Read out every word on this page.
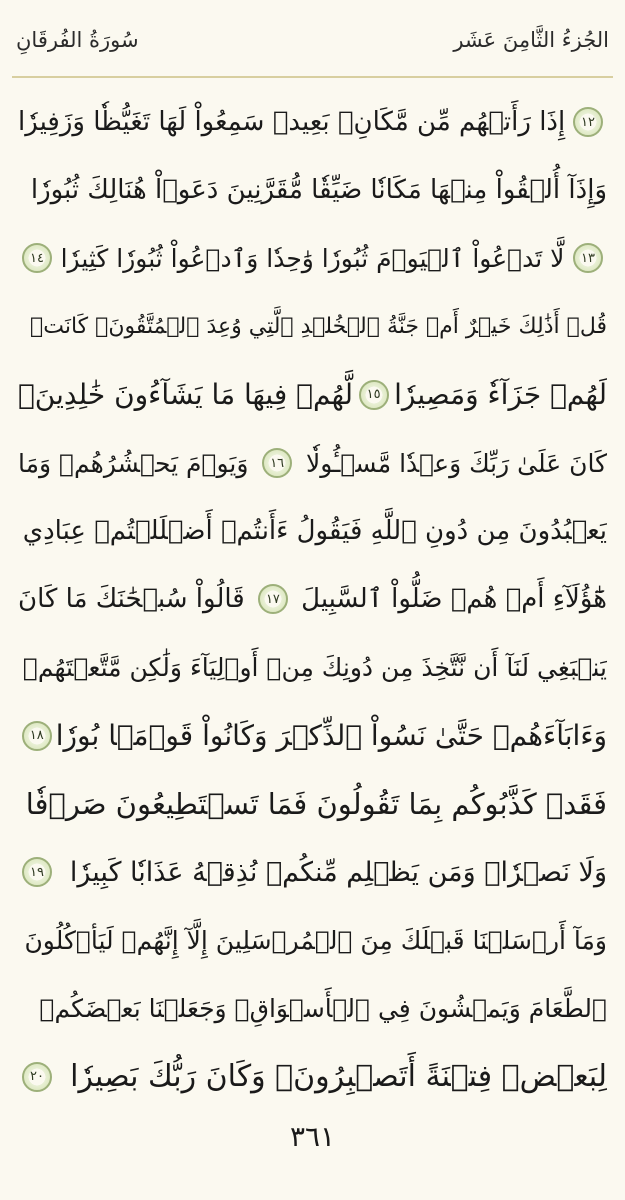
الجُزءُ الثَّامِنَ عَشَر
سُورَةُ الفُرقَانِ
١٢
إِذَا رَأَتۡهُم مِّن مَّكَانِۭ بَعِيدٖ سَمِعُواْ لَهَا تَغَيُّظٗا وَزَفِيرٗا
وَإِذَآ أُلۡقُواْ مِنۡهَا مَكَانٗا ضَيِّقٗا مُّقَرَّنِينَ دَعَوۡاْ هُنَالِكَ ثُبُورٗا
١٣
لَّا تَدۡعُواْ ٱلۡيَوۡمَ ثُبُورٗا وَٰحِدٗا وَٱدۡعُواْ ثُبُورٗا كَثِيرٗا
١٤
قُلۡ أَذَٰلِكَ خَيۡرٌ أَمۡ جَنَّةُ ٱلۡخُلۡدِ ٱلَّتِي وُعِدَ ٱلۡمُتَّقُونَۚ كَانَتۡ
لَهُمۡ جَزَآءٗ وَمَصِيرٗا
١٥
لَّهُمۡ فِيهَا مَا يَشَآءُونَ خَٰلِدِينَۚ
كَانَ عَلَىٰ رَبِّكَ وَعۡدٗا مَّسۡـُٔولٗا
١٦
وَيَوۡمَ يَحۡشُرُهُمۡ وَمَا
يَعۡبُدُونَ مِن دُونِ ٱللَّهِ فَيَقُولُ ءَأَنتُمۡ أَضۡلَلۡتُمۡ عِبَادِي
هَٰٓؤُلَآءِ أَمۡ هُمۡ ضَلُّواْ ٱلسَّبِيلَ
١٧
قَالُواْ سُبۡحَٰنَكَ مَا كَانَ
يَنۢبَغِي لَنَآ أَن نَّتَّخِذَ مِن دُونِكَ مِنۡ أَوۡلِيَآءَ وَلَٰكِن مَّتَّعۡتَهُمۡ
وَءَابَآءَهُمۡ حَتَّىٰ نَسُواْ ٱلذِّكۡرَ وَكَانُواْ قَوۡمَۢا بُورٗا
١٨
فَقَدۡ كَذَّبُوكُم بِمَا تَقُولُونَ فَمَا تَسۡتَطِيعُونَ صَرۡفٗا
وَلَا نَصۡرٗاۚ وَمَن يَظۡلِم مِّنكُمۡ نُذِقۡهُ عَذَابٗا كَبِيرٗا
١٩
وَمَآ أَرۡسَلۡنَا قَبۡلَكَ مِنَ ٱلۡمُرۡسَلِينَ إِلَّآ إِنَّهُمۡ لَيَأۡكُلُونَ
ٱلطَّعَامَ وَيَمۡشُونَ فِي ٱلۡأَسۡوَاقِۗ وَجَعَلۡنَا بَعۡضَكُمۡ
لِبَعۡضٖ فِتۡنَةً أَتَصۡبِرُونَۗ وَكَانَ رَبُّكَ بَصِيرٗا
٢٠
٣٦١
